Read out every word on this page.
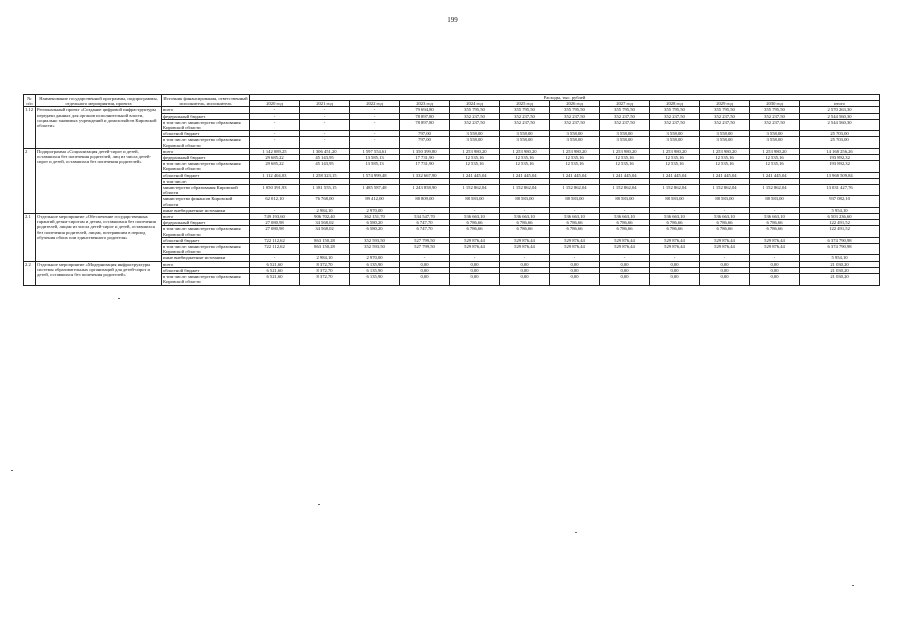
199
№ п/п	Наименование государственной программы, подпрограммы, отдельного мероприятия, проекта	Источник финансирования, ответственный исполнитель, исполнитель	Расходы, тыс. рублей											
			2020 год	2021 год	2022 год	2023 год	2024 год	2025 год	2026 год	2027 год	2028 год	2029 год	2030 год	итого
1.12	Региональный проект «Создание цифровой инфраструктуры передачи данных для органов исполнительной власти, социально значимых учреждений и домохозяйств Кировской области»	всего	-	-	-	79 694,80	355 795,50	355 795,50	355 795,50	355 795,50	355 795,50	355 795,50	355 795,50	2 570 263,30
		федеральный бюджет	-	-	-	78 897,80	352 237,50	352 237,50	352 237,50	352 237,50	352 237,50	352 237,50	352 237,50	2 544 560,30
		в том числе: министерство образования Кировской области	-	-	-	78 897,80	352 237,50	352 237,50	352 237,50	352 237,50	352 237,50	352 237,50	352 237,50	2 544 560,30
		областной бюджет	-	-	-	797,00	3 558,00	3 558,00	3 558,00	3 558,00	3 558,00	3 558,00	3 558,00	25 703,00
		в том числе: министерство образования Кировской области	-	-	-	797,00	3 558,00	3 558,00	3 558,00	3 558,00	3 558,00	3 558,00	3 558,00	25 703,00
2	Подпрограмма «Социализация детей-сирот и детей, оставшихся без попечения родителей, лиц из числа детей-сирот и детей, оставшихся без попечения родителей»	всего	1 142 089,25	1 306 451,20	1 597 554,61	1 350 399,80	1 253 980,20	1 253 980,20	1 253 980,20	1 253 980,20	1 253 980,20	1 253 980,20	1 253 980,20	14 168 256,26
		федеральный бюджет	29 685,22	45 143,95	13 585,13	17 731,90	12 535,16	12 535,16	12 535,16	12 535,16	12 535,16	12 535,16	12 535,16	193 892,32
		в том числе: министерство образования Кировской области	29 685,22	45 143,95	13 585,13	17 731,90	12 535,16	12 535,16	12 535,16	12 535,16	12 535,16	12 535,16	12 535,16	193 892,32
		областной бюджет	1 112 404,03	1 258 323,15	1 574 999,48	1 332 667,90	1 241 445,04	1 241 445,04	1 241 445,04	1 241 445,04	1 241 445,04	1 241 445,04	1 241 445,04	13 968 509,84
		в том числе:												
		министерство образования Кировской области	1 050 391,93	1 181 555,15	1 485 587,48	1 243 858,90	1 152 862,04	1 152 862,04	1 152 862,04	1 152 862,04	1 152 862,04	1 152 862,04	1 152 862,04	13 031 427,76
		министерство финансов Кировской области	62 012,10	76 768,00	89 412,00	88 809,00	88 583,00	88 583,00	88 583,00	88 583,00	88 583,00	88 583,00	88 583,00	937 082,10
		иные внебюджетные источники	-	2 984,10	2 970,00	-	-	-	-	-	-	-	-	5 954,10
2.1	Отдельное мероприятие «Обеспечение государственных гарантий детям-сиротам и детям, оставшимся без попечения родителей, лицам из числа детей-сирот и детей, оставшихся без попечения родителей, лицам, потерявшим в период обучения обоих или единственного родителя»	всего	749 193,60	906 702,40	362 151,70	534 547,70	536 663,10	536 663,10	536 663,10	536 663,10	536 663,10	536 663,10	536 663,10	6 503 236,60
		федеральный бюджет	27 080,98	34 568,02	6 580,20	6 747,70	6 786,66	6 786,66	6 786,66	6 786,66	6 786,66	6 786,66	6 786,66	122 491,52
		в том числе: министерство образования Кировской области	27 080,98	34 568,02	6 580,20	6 747,70	6 786,66	6 786,66	6 786,66	6 786,66	6 786,66	6 786,66	6 786,66	122 491,52
		областной бюджет	722 112,62	863 150,28	352 593,50	527 799,50	529 876,44	529 876,44	529 876,44	529 876,44	529 876,44	529 876,44	529 876,44	6 374 790,98
		в том числе: министерство образования Кировской области	722 112,62	863 150,28	352 593,50	527 799,50	529 876,44	529 876,44	529 876,44	529 876,44	529 876,44	529 876,44	529 876,44	6 374 790,98
		иные внебюджетные источники	-	2 984,10	2 970,00	-	-	-	-	-	-	-	-	5 954,10
2.2	Отдельное мероприятие «Модернизация инфраструктуры системы образовательных организаций для детей-сирот и детей, оставшихся без попечения родителей»	всего	6 521,60	8 372,70	6 135,90	0,00	0,00	0,00	0,00	0,00	0,00	0,00	0,00	21 030,20
		областной бюджет	6 521,60	8 372,70	6 135,90	0,00	0,00	0,00	0,00	0,00	0,00	0,00	0,00	21 030,20
		в том числе: министерство образования Кировской области	6 521,60	8 372,70	6 135,90	0,00	0,00	0,00	0,00	0,00	0,00	0,00	0,00	21 030,20
